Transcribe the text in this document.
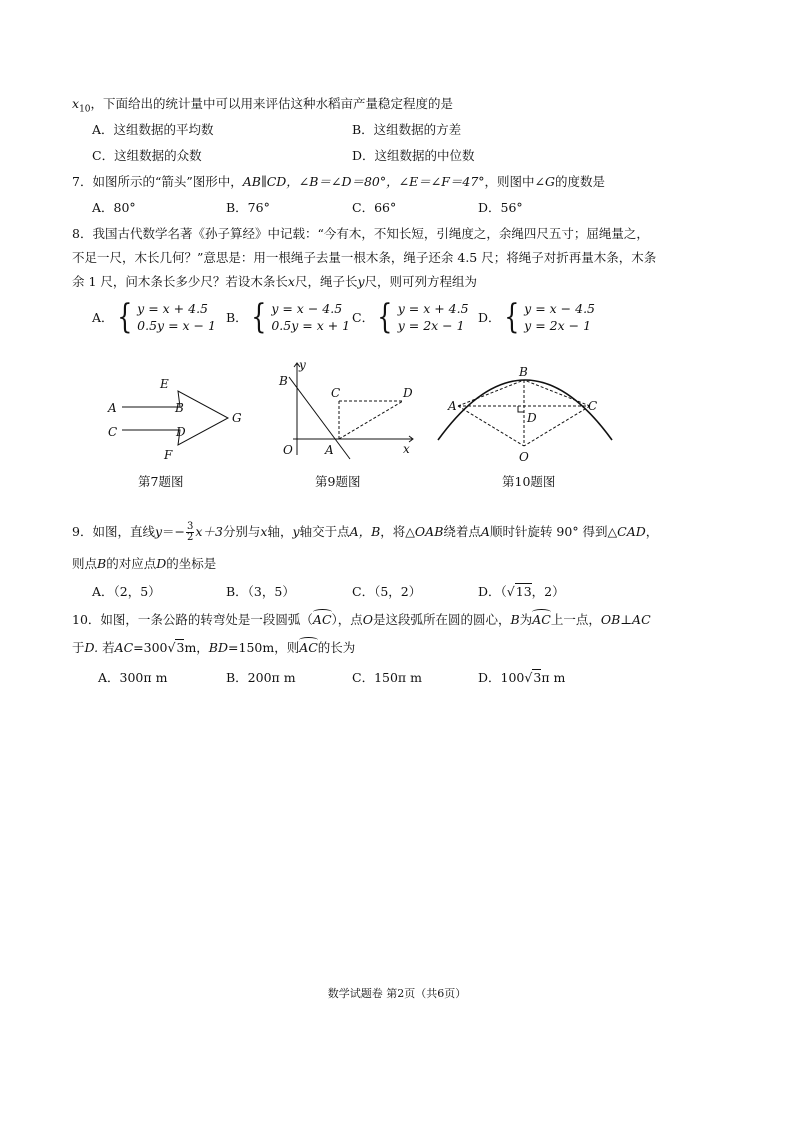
$x_{10}$，下面给出的统计量中可以用来评估这种水稻亩产量稳定程度的是
A．这组数据的平均数	B．这组数据的方差
C．这组数据的众数	D．这组数据的中位数
7．如图所示的“箭头”图形中，AB∥CD，∠B＝∠D＝80°，∠E＝∠F＝47°，则图中∠G的度数是
A．80°	B．76°	C．66°	D．56°
8．我国古代数学名著《孙子算经》中记载：“今有木，不知长短，引绳度之，余绳四尺五寸；屈绳量之，
不足一尺，木长几何？”意思是：用一根绳子去量一根木条，绳子还余 4.5 尺；将绳子对折再量木条，木条
余 1 尺，问木条长多少尺？若设木条长x尺，绳子长y尺，则可列方程组为
A． { y = x + 4.5
0.5y = x − 1
B． { y = x − 4.5
0.5y = x + 1
C． { y = x + 4.5
y = 2x − 1
D． { y = x − 4.5
y = 2x − 1
E
A	B
C	D
F
G
第7题图
y
B
C	D
O	A	x
第9题图
B
A	C
D
O
第10题图
9．如图，直线$y=- \frac{3}{2} x+3$分别与x轴，y轴交于点A，B，将△OAB绕着点A顺时针旋转 90° 得到△CAD，
则点B的对应点D的坐标是
A．（2，5）	B．（3，5）	C．（5，2）	D．（√13，2）
10．如图，一条公路的转弯处是一段圆弧（AC），点O是这段弧所在圆的圆心，B为AC上一点，OB⊥AC
于D. 若AC=300√3m，BD=150m，则AC的长为
A．300π m	B．200π m	C．150π m	D．100√3π m
数学试题卷 第2页（共6页）
